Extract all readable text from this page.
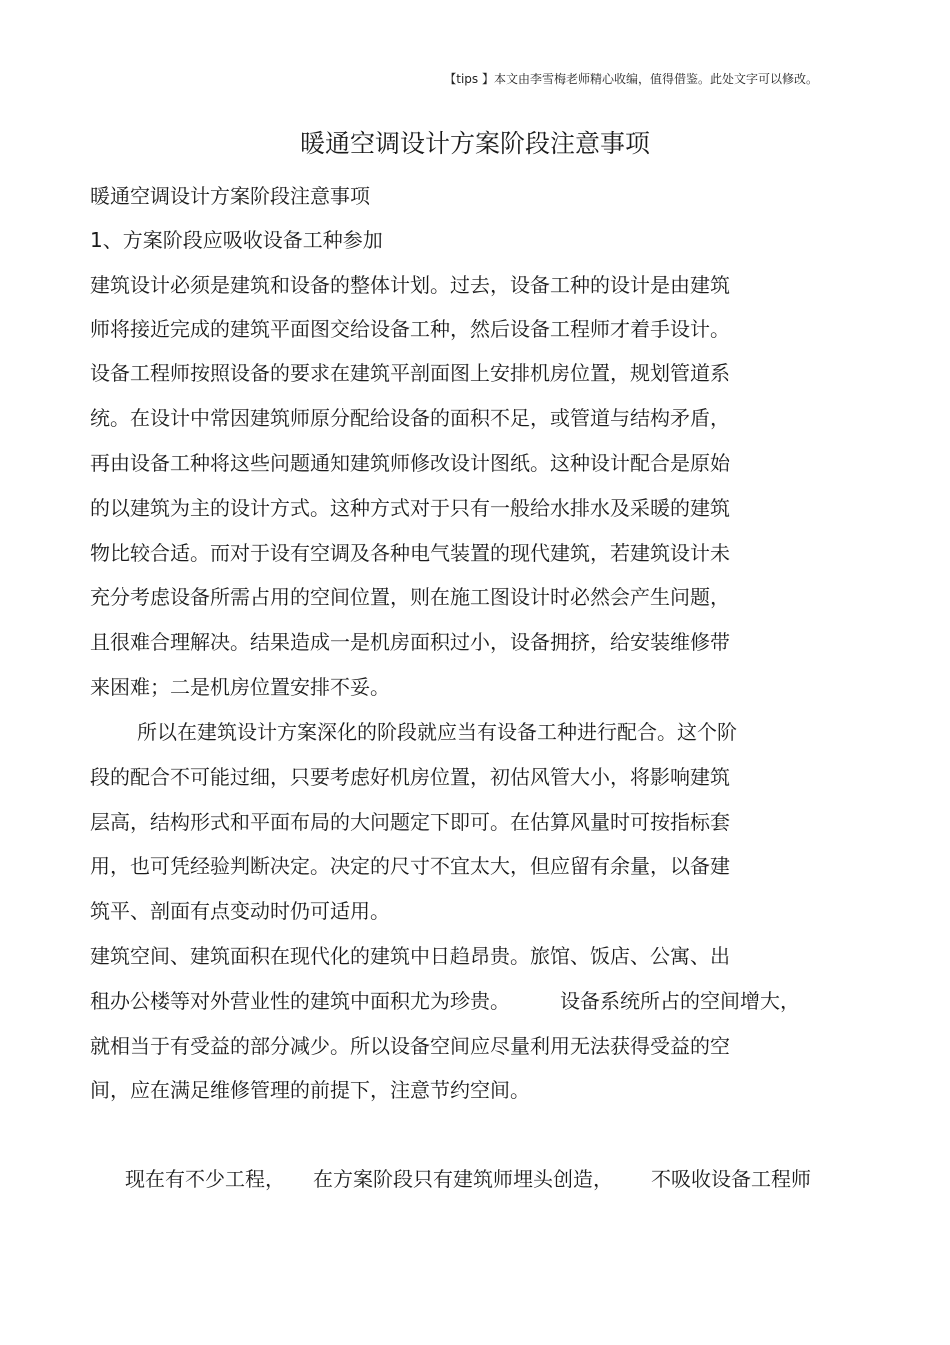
【tips 】本文由李雪梅老师精心收编，值得借鉴。此处文字可以修改。
暖通空调设计方案阶段注意事项
暖通空调设计方案阶段注意事项
1、方案阶段应吸收设备工种参加
建筑设计必须是建筑和设备的整体计划。过去，设备工种的设计是由建筑
师将接近完成的建筑平面图交给设备工种，然后设备工程师才着手设计。
设备工程师按照设备的要求在建筑平剖面图上安排机房位置，规划管道系
统。在设计中常因建筑师原分配给设备的面积不足，或管道与结构矛盾，
再由设备工种将这些问题通知建筑师修改设计图纸。这种设计配合是原始
的以建筑为主的设计方式。这种方式对于只有一般给水排水及采暖的建筑
物比较合适。而对于设有空调及各种电气装置的现代建筑，若建筑设计未
充分考虑设备所需占用的空间位置，则在施工图设计时必然会产生问题，
且很难合理解决。结果造成一是机房面积过小，设备拥挤，给安装维修带
来困难；二是机房位置安排不妥。
所以在建筑设计方案深化的阶段就应当有设备工种进行配合。这个阶
段的配合不可能过细，只要考虑好机房位置，初估风管大小，将影响建筑
层高，结构形式和平面布局的大问题定下即可。在估算风量时可按指标套
用，也可凭经验判断决定。决定的尺寸不宜太大，但应留有余量，以备建
筑平、剖面有点变动时仍可适用。
建筑空间、建筑面积在现代化的建筑中日趋昂贵。旅馆、饭店、公寓、出
租办公楼等对外营业性的建筑中面积尤为珍贵。	设备系统所占的空间增大，
就相当于有受益的部分减少。所以设备空间应尽量利用无法获得受益的空
间，应在满足维修管理的前提下，注意节约空间。
现在有不少工程， 在方案阶段只有建筑师埋头创造， 不吸收设备工程师
